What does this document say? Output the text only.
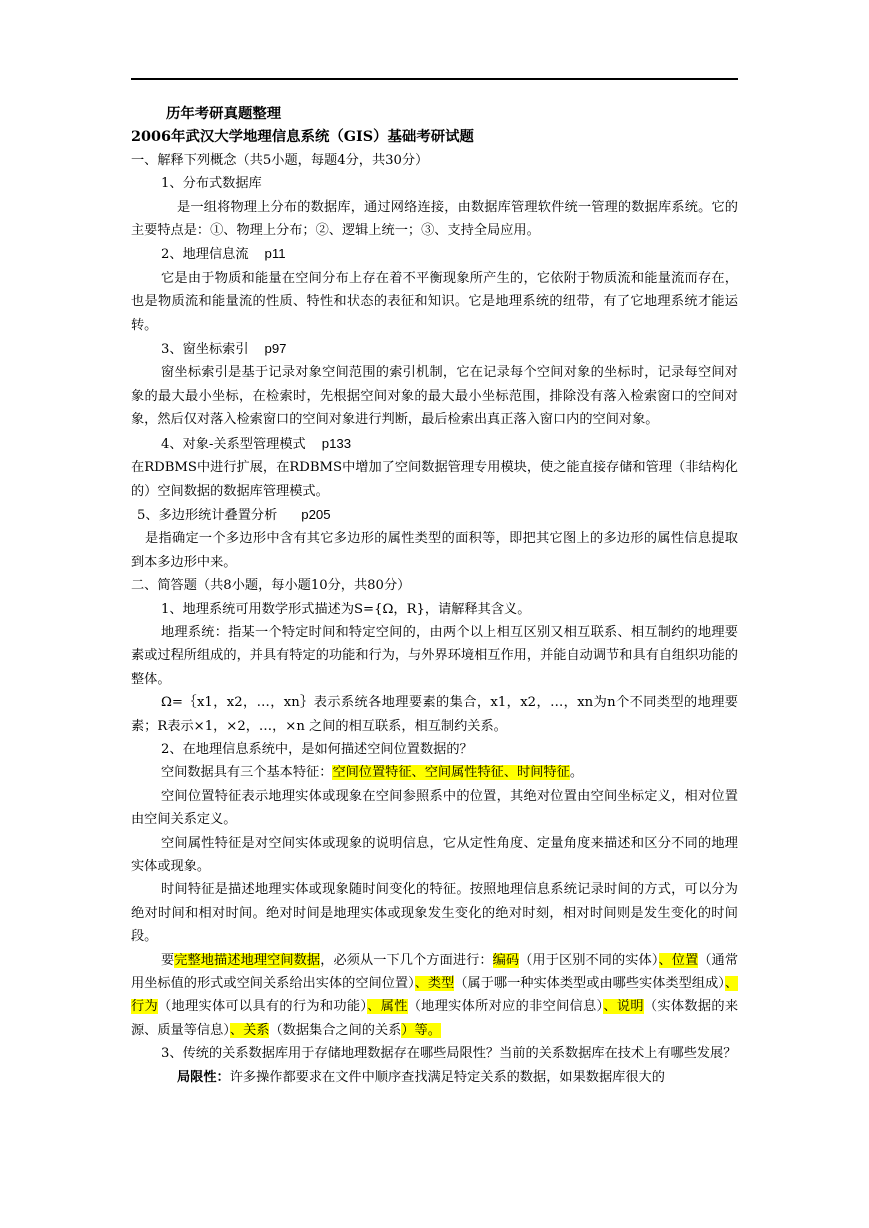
历年考研真题整理

2006年武汉大学地理信息系统（GIS）基础考研试题

一、解释下列概念（共5小题，每题4分，共30分）

1、分布式数据库

是一组将物理上分布的数据库，通过网络连接，由数据库管理软件统一管理的数据库系统。它的主要特点是：①、物理上分布；②、逻辑上统一；③、支持全局应用。

2、地理信息流 p11

它是由于物质和能量在空间分布上存在着不平衡现象所产生的，它依附于物质流和能量流而存在，也是物质流和能量流的性质、特性和状态的表征和知识。它是地理系统的纽带，有了它地理系统才能运转。

3、窗坐标索引 p97

窗坐标索引是基于记录对象空间范围的索引机制，它在记录每个空间对象的坐标时，记录每空间对象的最大最小坐标，在检索时，先根据空间对象的最大最小坐标范围，排除没有落入检索窗口的空间对象，然后仅对落入检索窗口的空间对象进行判断，最后检索出真正落入窗口内的空间对象。

4、对象-关系型管理模式 p133

在RDBMS中进行扩展，在RDBMS中增加了空间数据管理专用模块，使之能直接存储和管理（非结构化的）空间数据的数据库管理模式。

5、多边形统计叠置分析 p205

是指确定一个多边形中含有其它多边形的属性类型的面积等，即把其它图上的多边形的属性信息提取到本多边形中来。

二、简答题（共8小题，每小题10分，共80分）

1、地理系统可用数学形式描述为S={Ω，R}，请解释其含义。

地理系统：指某一个特定时间和特定空间的，由两个以上相互区别又相互联系、相互制约的地理要素或过程所组成的，并具有特定的功能和行为，与外界环境相互作用，并能自动调节和具有自组织功能的整体。

Ω=｛x1，x2，…，xn｝表示系统各地理要素的集合，x1，x2，…，xn为n个不同类型的地理要素；R表示×1，×2，…，×n 之间的相互联系，相互制约关系。

2、在地理信息系统中，是如何描述空间位置数据的？

空间数据具有三个基本特征：空间位置特征、空间属性特征、时间特征。

空间位置特征表示地理实体或现象在空间参照系中的位置，其绝对位置由空间坐标定义，相对位置由空间关系定义。

空间属性特征是对空间实体或现象的说明信息，它从定性角度、定量角度来描述和区分不同的地理实体或现象。

时间特征是描述地理实体或现象随时间变化的特征。按照地理信息系统记录时间的方式，可以分为绝对时间和相对时间。绝对时间是地理实体或现象发生变化的绝对时刻，相对时间则是发生变化的时间段。

要完整地描述地理空间数据，必须从一下几个方面进行：编码（用于区别不同的实体）、位置（通常用坐标值的形式或空间关系给出实体的空间位置）、类型（属于哪一种实体类型或由哪些实体类型组成）、行为（地理实体可以具有的行为和功能）、属性（地理实体所对应的非空间信息）、说明（实体数据的来源、质量等信息）、关系（数据集合之间的关系）等。

3、传统的关系数据库用于存储地理数据存在哪些局限性？当前的关系数据库在技术上有哪些发展？

局限性：许多操作都要求在文件中顺序查找满足特定关系的数据，如果数据库很大的
